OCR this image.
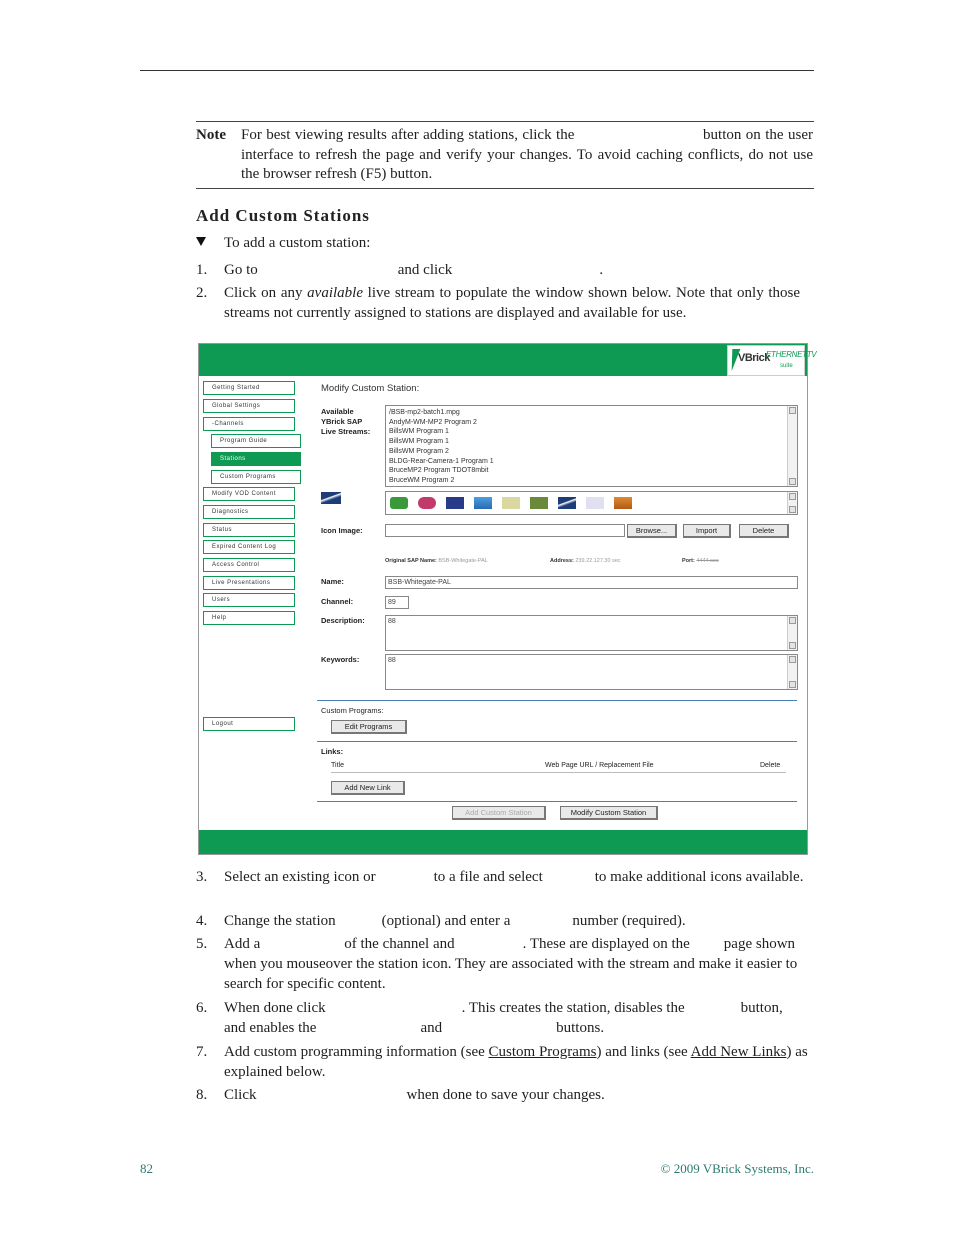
Note For best viewing results after adding stations, click the                             button on the user interface to refresh the page and verify your changes. To avoid caching conflicts, do not use the browser refresh (F5) button.
Add Custom Stations
To add a custom station:
1. Go to	and click	.
2. Click on any available live stream to populate the window shown below. Note that only those streams not currently assigned to stations are displayed and available for use.
VBrick
ETHERNETTV
suite
Getting Started
Global Settings
-Channels
Program Guide
Stations
Custom Programs
Modify VOD Content
Diagnostics
Status
Expired Content Log
Access Control
Live Presentations
Users
Help
Logout
Modify Custom Station:
Available
YBrick SAP
Live Streams:
/BSB-mp2-batch1.mpg
AndyM-WM-MP2 Program 2
BillsWM Program 1
BillsWM Program 1
BillsWM Program 2
BLDG-Rear-Camera-1 Program 1
BruceMP2 Program TDOT8mbit
BruceWM Program 2
Icon Image:	Browse...	Import	Delete
Original SAP Name: BSB-Whitegate-PAL	Address: 239.22.127.30 sec	Port: 4444 sec
Name:	BSB-Whitegate-PAL
Channel:	89
Description:	88
Keywords:	88
Custom Programs:
Edit Programs
Links:
Title	Web Page URL / Replacement File	Delete
Add New Link
Add Custom Station	Modify Custom Station
3. Select an existing icon or	to a file and select	to make additional icons available.
4. Change the station	(optional) and enter a	number (required).
5. Add a	of the channel and	. These are displayed on the page shown when you mouseover the station icon. They are associated with the stream and make it easier to search for specific content.
6. When done click	. This creates the station, disables the	button, and enables the	and	buttons.
7. Add custom programming information (see Custom Programs) and links (see Add New Links) as explained below.
8. Click	when done to save your changes.
82	© 2009 VBrick Systems, Inc.
